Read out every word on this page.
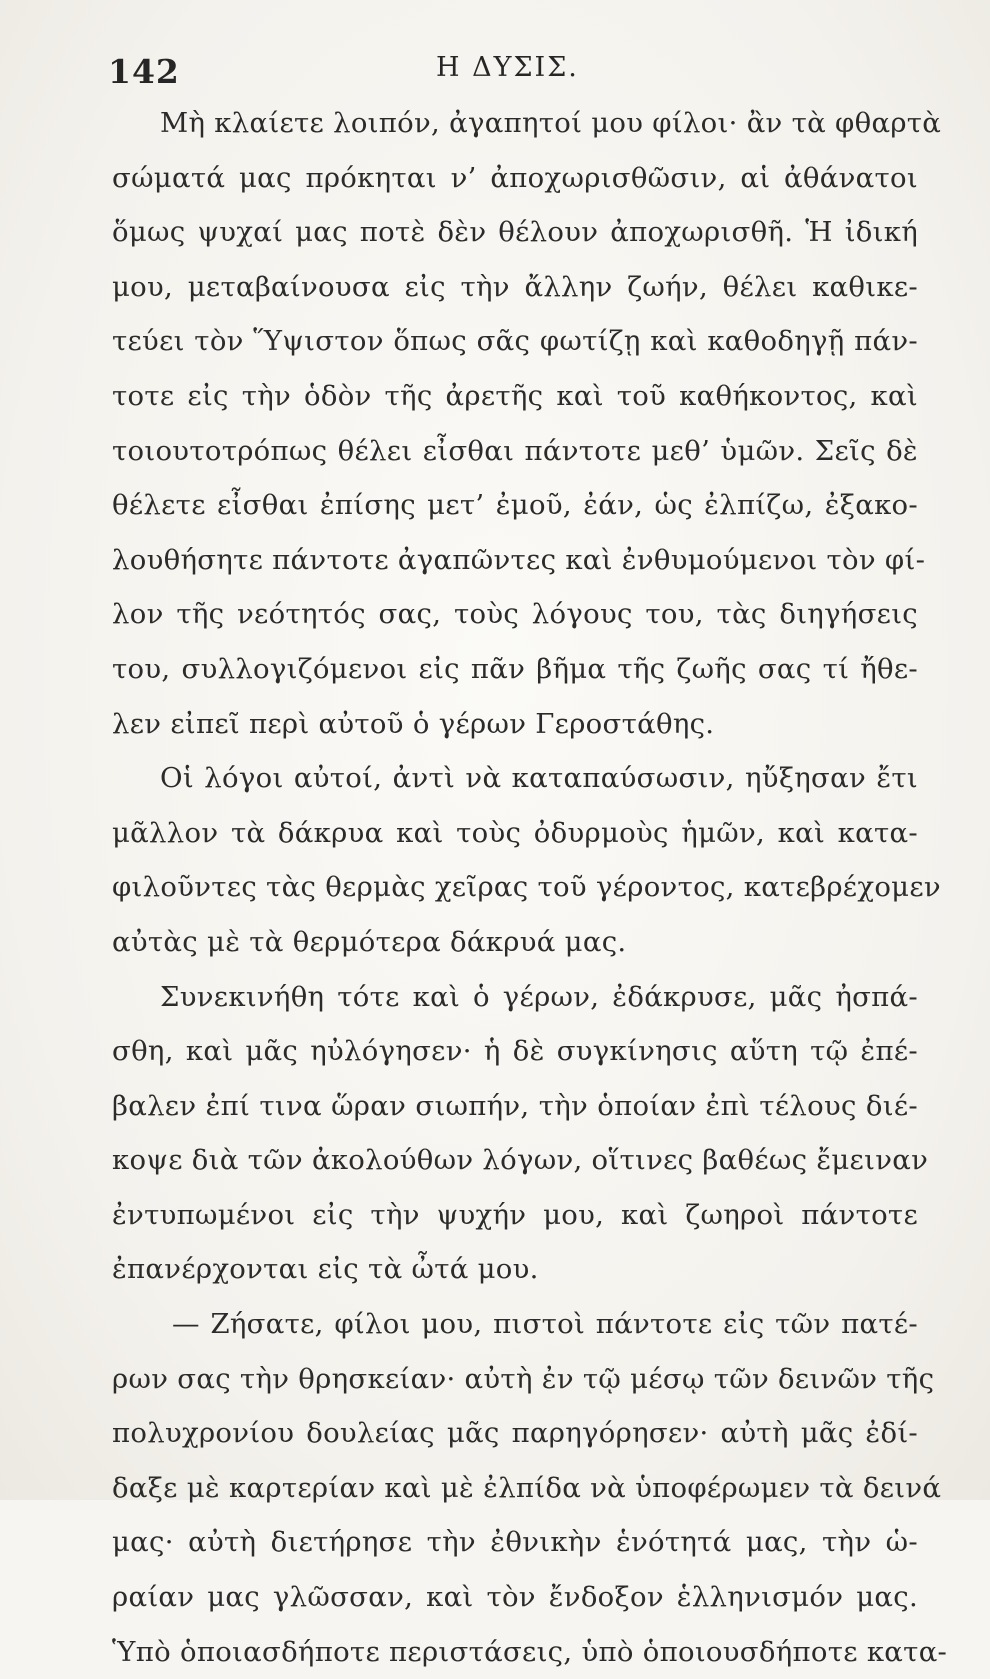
142	Η ΔΥΣΙΣ.
Μὴ κλαίετε λοιπόν, ἀγαπητοί μου φίλοι· ἂν τὰ φθαρτὰ
σώματά μας πρόκηται ν’ ἀποχωρισθῶσιν, αἱ ἀθάνατοι
ὅμως ψυχαί μας ποτὲ δὲν θέλουν ἀποχωρισθῆ. Ἡ ἰδική
μου, μεταβαίνουσα εἰς τὴν ἄλλην ζωήν, θέλει καθικε-
τεύει τὸν Ὕψιστον ὅπως σᾶς φωτίζῃ καὶ καθοδηγῇ πάν-
τοτε εἰς τὴν ὁδὸν τῆς ἀρετῆς καὶ τοῦ καθήκοντος, καὶ
τοιουτοτρόπως θέλει εἶσθαι πάντοτε μεθ’ ὑμῶν. Σεῖς δὲ
θέλετε εἶσθαι ἐπίσης μετ’ ἐμοῦ, ἐάν, ὡς ἐλπίζω, ἐξακο-
λουθήσητε πάντοτε ἀγαπῶντες καὶ ἐνθυμούμενοι τὸν φί-
λον τῆς νεότητός σας, τοὺς λόγους του, τὰς διηγήσεις
του, συλλογιζόμενοι εἰς πᾶν βῆμα τῆς ζωῆς σας τί ἤθε-
λεν εἰπεῖ περὶ αὐτοῦ ὁ γέρων Γεροστάθης.
Οἱ λόγοι αὐτοί, ἀντὶ νὰ καταπαύσωσιν, ηὔξησαν ἔτι
μᾶλλον τὰ δάκρυα καὶ τοὺς ὀδυρμοὺς ἡμῶν, καὶ κατα-
φιλοῦντες τὰς θερμὰς χεῖρας τοῦ γέροντος, κατεβρέχομεν
αὐτὰς μὲ τὰ θερμότερα δάκρυά μας.
Συνεκινήθη τότε καὶ ὁ γέρων, ἐδάκρυσε, μᾶς ἠσπά-
σθη, καὶ μᾶς ηὐλόγησεν· ἡ δὲ συγκίνησις αὕτη τῷ ἐπέ-
βαλεν ἐπί τινα ὥραν σιωπήν, τὴν ὁποίαν ἐπὶ τέλους διέ-
κοψε διὰ τῶν ἀκολούθων λόγων, οἵτινες βαθέως ἔμειναν
ἐντυπωμένοι εἰς τὴν ψυχήν μου, καὶ ζωηροὶ πάντοτε
ἐπανέρχονται εἰς τὰ ὦτά μου.
— Ζήσατε, φίλοι μου, πιστοὶ πάντοτε εἰς τῶν πατέ-
ρων σας τὴν θρησκείαν· αὐτὴ ἐν τῷ μέσῳ τῶν δεινῶν τῆς
πολυχρονίου δουλείας μᾶς παρηγόρησεν· αὐτὴ μᾶς ἐδί-
δαξε μὲ καρτερίαν καὶ μὲ ἐλπίδα νὰ ὑποφέρωμεν τὰ δεινά
μας· αὐτὴ διετήρησε τὴν ἐθνικὴν ἑνότητά μας, τὴν ὡ-
ραίαν μας γλῶσσαν, καὶ τὸν ἔνδοξον ἑλληνισμόν μας.
Ὑπὸ ὁποιασδήποτε περιστάσεις, ὑπὸ ὁποιουσδήποτε κατα-
